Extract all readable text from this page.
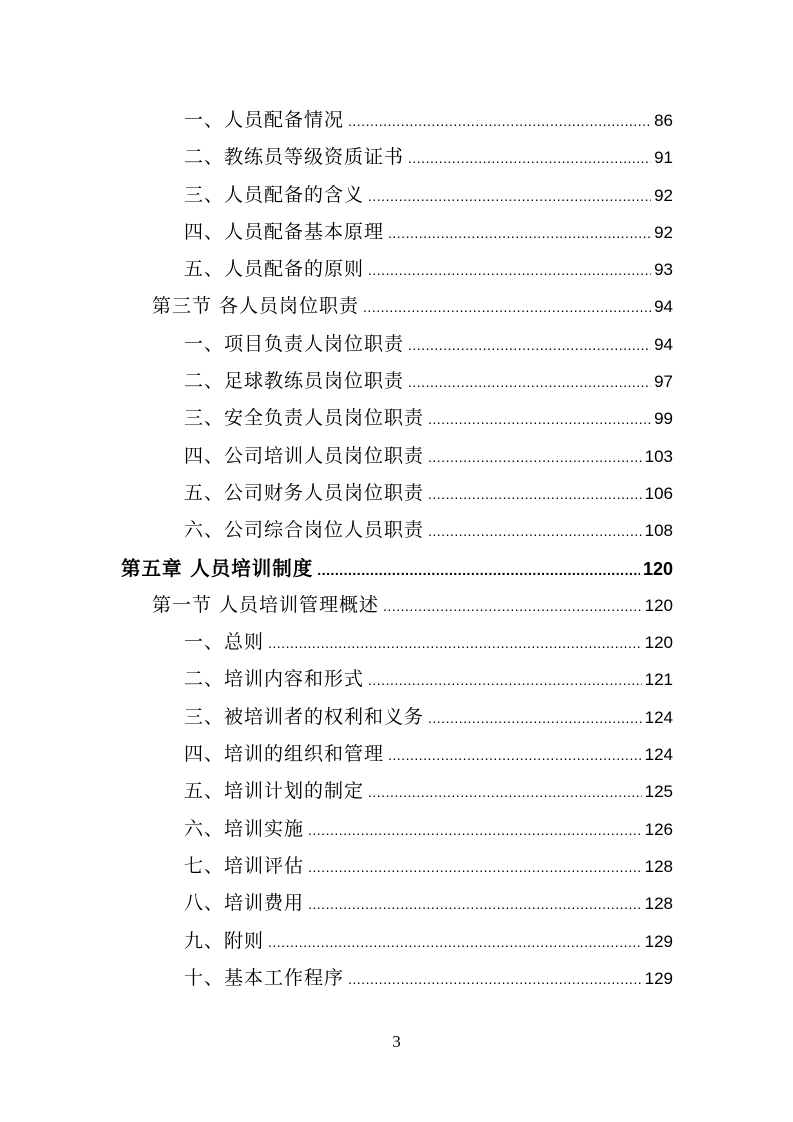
一、人员配备情况 .....	86
二、教练员等级资质证书 .....	91
三、人员配备的含义 .....	92
四、人员配备基本原理 .....	92
五、人员配备的原则 .....	93
第三节 各人员岗位职责 .....	94
一、项目负责人岗位职责 .....	94
二、足球教练员岗位职责 .....	97
三、安全负责人员岗位职责 .....	99
四、公司培训人员岗位职责 .....	103
五、公司财务人员岗位职责 .....	106
六、公司综合岗位人员职责 .....	108
第五章 人员培训制度 .....	120
第一节 人员培训管理概述 .....	120
一、总则 .....	120
二、培训内容和形式 .....	121
三、被培训者的权利和义务 .....	124
四、培训的组织和管理 .....	124
五、培训计划的制定 .....	125
六、培训实施 .....	126
七、培训评估 .....	128
八、培训费用 .....	128
九、附则 .....	129
十、基本工作程序 .....	129
3
